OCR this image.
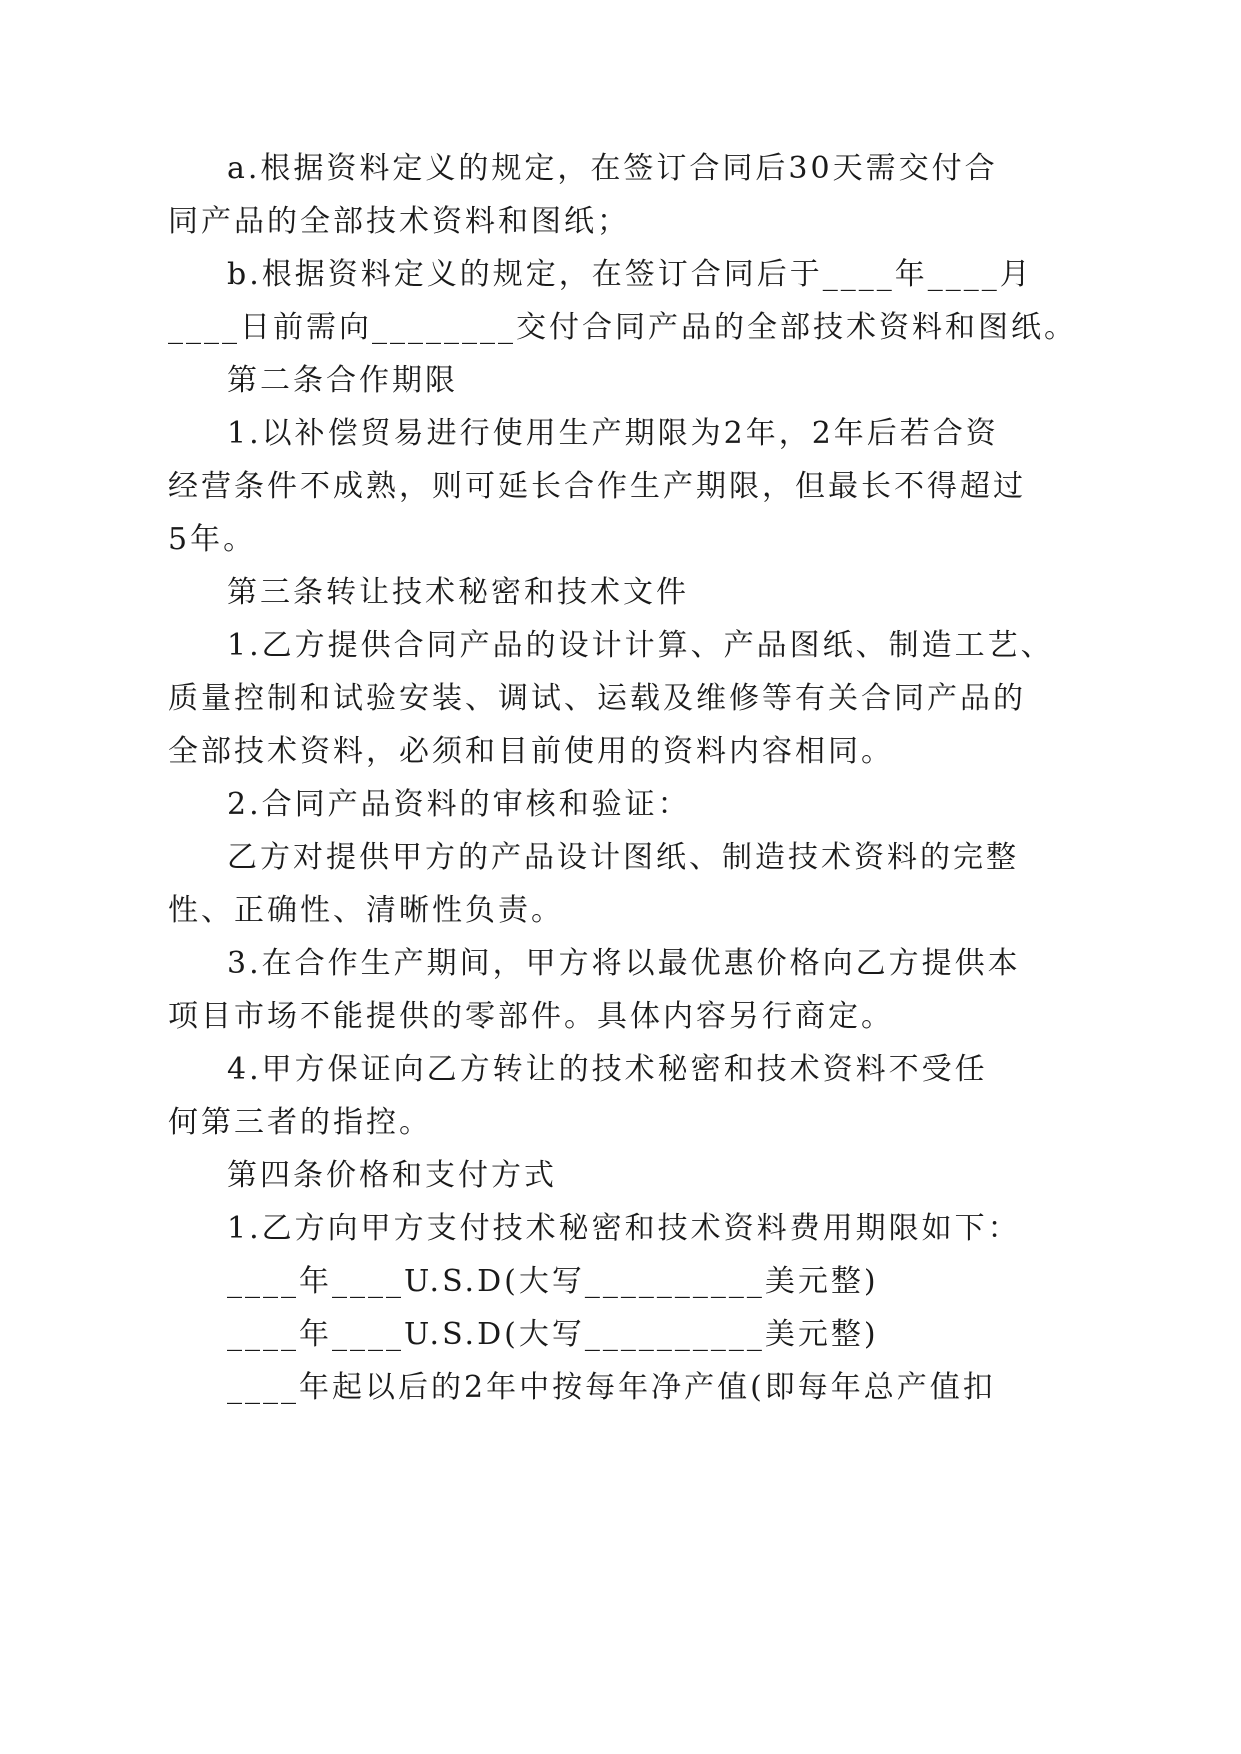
a.根据资料定义的规定，在签订合同后30天需交付合

同产品的全部技术资料和图纸；

b.根据资料定义的规定，在签订合同后于____年____月

____日前需向________交付合同产品的全部技术资料和图纸。

第二条合作期限

1.以补偿贸易进行使用生产期限为2年，2年后若合资

经营条件不成熟，则可延长合作生产期限，但最长不得超过

5年。

第三条转让技术秘密和技术文件

1.乙方提供合同产品的设计计算、产品图纸、制造工艺、

质量控制和试验安装、调试、运载及维修等有关合同产品的

全部技术资料，必须和目前使用的资料内容相同。

2.合同产品资料的审核和验证：

乙方对提供甲方的产品设计图纸、制造技术资料的完整

性、正确性、清晰性负责。

3.在合作生产期间，甲方将以最优惠价格向乙方提供本

项目市场不能提供的零部件。具体内容另行商定。

4.甲方保证向乙方转让的技术秘密和技术资料不受任

何第三者的指控。

第四条价格和支付方式

1.乙方向甲方支付技术秘密和技术资料费用期限如下：

____年____U.S.D(大写__________美元整)

____年____U.S.D(大写__________美元整)

____年起以后的2年中按每年净产值(即每年总产值扣
